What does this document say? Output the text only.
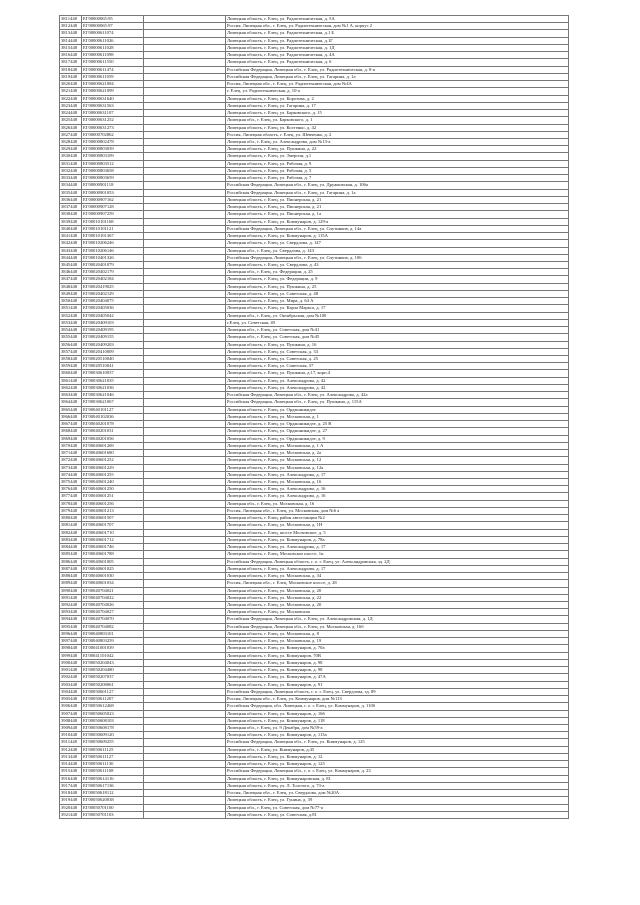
3811448	ЕГ00000065:95	Липецкая область, г. Елец, ул. Радиотехническая, д. 5А
3812448	ЕГ00000065:97	Россия, Липецкая обл., г. Елец, ул. Радиотехническая, дом №1 А, корпус 2
3813448	ЕГ00000611074	Липецкая область, г. Елец, ул. Радиотехническая, д.1 Б
3814448	ЕГ00000611026	Липецкая область, г. Елец, ул. Радиотехническая, д.1Г
3815448	ЕГ00000611028	Липецкая область, г. Елец, ул. Радиотехническая, д. 1Д
3816448	ЕГ00000611098	Липецкая область, г. Елец, ул. Радиотехническая, д. 4А
3817448	ЕГ00000611550	Липецкая область, г. Елец, ул. Радиотехническая, д. 6
3818448	ЕГ00000611474	Российская Федерация, Липецкая обл., г. Елец, ул. Радиотехническая, д. 8-а
3819448	ЕГ00000611059	Российская Федерация, Липецкая обл., г. Елец, ул. Гагарина, д. 1а
3820448	ЕГ00000621084	Россия, Липецкая обл., г. Елец, ул. Радиотехническая, дом №4А
3821448	ЕГ00000621099	г. Елец, ул. Радиотехническая, д. 10-а
3822448	ЕГ00000631640	Липецкая область, г. Елец, ул. Коротова, д. 2
3823448	ЕГ00000631563	Липецкая область, г. Елец, ул. Гагарина, д. 17
3824448	ЕГ00000631107	Липецкая область, г. Елец, ул. Барковского, д. 15
3825448	ЕГ00000631252	Липецкая обл., г. Елец, ул. Барковского, д. 1
3826448	ЕГ00000631273	Липецкая область, г. Елец, ул. Костенко, д. 42
3827448	ЕГ00000702862	Россия, Липецкая область, г. Елец, ул. Шевченко, д. 2
3828448	ЕГ00000802478	Липецкая обл., г. Елец, ул. Александрова, дом №13-а
3829448	ЕГ00000803039	Липецкая область, г. Елец, ул. Пушкина, д. 22
3830448	ЕГ00000803109	Липецкая область, г. Елец, ул. Энергии, д.1
3831448	ЕГ00000803512	Липецкая область, г. Елец, ул. Рабочая, д. 9
3832448	ЕГ00000803658	Липецкая область, г. Елец, ул. Рабочая, д. 5
3833448	ЕГ00000803659	Липецкая область, г. Елец, ул. Рабочая, д. 7
3834448	ЕГ00000901118	Российская Федерация, Липецкая обл., г. Елец, ул. Дружковская, д. 106а
3835448	ЕГ00000901053	Российская Федерация, Липецкая обл., г. Елец, ул. Гагарина, д. 1а
3836448	ЕГ00000907162	Липецкая область, г. Елец, ул. Пионерская, д. 21
3837448	ЕГ00000907128	Липецкая область, г. Елец, ул. Пионерская, д. 21
3838448	ЕГ00000907259	Липецкая область, г. Елец, ул. Пионерская, д. 1а
3839448	ЕГ00010101168	Липецкая область, г. Елец, ул. Коммунаров, д. 129-а
3840448	ЕГ00010101121	Российская Федерация, Липецкая обл., г. Елец, ул. Спутников, д. 14а
3841448	ЕГ00010101367	Липецкая область, г. Елец, ул. Коммунаров, д. 115А
3842448	ЕГ00010206246	Липецкая область, г. Елец, ул. Свердлова, д. 147
3843448	ЕГ00010206146	Липецкая обл., г. Елец, ул. Свердлова, д. 143
3844448	ЕГ00010401326	Российская Федерация, Липецкая обл., г. Елец, ул. Спутников, д. 106
3845448	ЕГ00020401079	Липецкая область, г. Елец, ул. Свердлова, д. 43
3846448	ЕГ00020402179	Липецкая обл., г. Елец, ул. Федерации, д. 25
3847448	ЕГ00020402184	Липецкая область, г. Елец, ул. Федерации, д. 9
3848448	ЕГ00020419025	Липецкая область, г. Елец, ул. Пушкина, д. 25
3849448	ЕГ00020402129	Липецкая область, г. Елец, ул. Советская, д. 48
3850448	ЕГ00020404075	Липецкая область, г. Елец, ул. Мира, д. 64 А
3851448	ЕГ00020405036	Липецкая область, г. Елец, ул. Карла Маркса, д. 17
3852448	ЕГ00020405042	Липецкая обл., г. Елец, ул. Октябрьская, дом №100
3853448	ЕГ00020409103	г.Елец, ул. Советская, 49
3854448	ЕГ00020409195	Липецкая обл., г. Елец, ул. Советская, дом №41
3855448	ЕГ00020409155	Липецкая обл., г. Елец, ул. Советская, дом №45
3856448	ЕГ00020409203	Липецкая область, г. Елец, ул. Пушкина, д. 16
3857448	ЕГ00020410009	Липецкая область, г. Елец, ул. Советская, д. 33
3858448	ЕГ00020510040	Липецкая область, г. Елец, ул. Советская, д. 25
3859448	ЕГ00020510041	Липецкая область, г. Елец, ул. Советская, 37
3860448	ЕГ00030610037	Липецкая область, г. Елец, ул. Пушкина, д.17, корп.4
3861448	ЕГ00030621035	Липецкая область, г. Елец, ул. Александрова, д. 42
3862448	ЕГ00030621036	Липецкая область, г. Елец, ул. Александрова, д. 42
3863448	ЕГ00030621046	Российская Федерация, Липецкая обл., г. Елец, ул. Александрова, д. 42а
3864448	ЕГ00030621067	Российская Федерация, Липецкая обл., г. Елец, ул. Пушкина, д. 115А
3865448	ЕГ00040101127	Липецкая область, г. Елец, ул. Орджоникидзе
3866448	ЕГ00040102036	Липецкая область, г. Елец, ул. Московская, д. 1
3867448	ЕГ00040201078	Липецкая область, г. Елец, ул. Орджоникидзе, д. 25 В
3868448	ЕГ00040201031	Липецкая область, г. Елец, ул. Орджоникидзе, д. 27
3869448	ЕГ00040201056	Липецкая область, г. Елец, ул. Орджоникидзе, д. 9
3870448	ЕГ00040601269	Липецкая область, г. Елец, ул. Московская, д. 1 А
3871448	ЕГ00040601680	Липецкая область, г. Елец, ул. Московская, д. 2а
3872448	ЕГ00040601252	Липецкая область, г. Елец, ул. Московская, д. 12
3873448	ЕГ00040601229	Липецкая область, г. Елец, ул. Московская, д. 12а
3874448	ЕГ00040601255	Липецкая область, г. Елец, ул. Александрова, д. 17
3875448	ЕГ00040601240	Липецкая область, г. Елец, ул. Московская, д. 16
3876448	ЕГ00040601250	Липецкая область, г. Елец, ул. Александрова, д. 16
3877448	ЕГ00040601251	Липецкая область, г. Елец, ул. Александрова, д. 16
3878448	ЕГ00040601256	Липецкая обл., г. Елец, ул. Московская, д. 16
3879448	ЕГ00040601213	Россия, Липецкая обл., г. Елец, ул. Московская, дом №6 а
3880448	ЕГ00040601507	Липецкая область, г. Елец, район автостанции №2
3881448	ЕГ00040601707	Липецкая область, г. Елец, ул. Московская, д. 1Н
3882448	ЕГ00040601710	Липецкая область, г. Елец, шоссе Московское, д. 5
3883448	ЕГ00040601712	Липецкая область, г. Елец, ул. Коммунаров, д. 78а
3884448	ЕГ00040601746	Липецкая область, г. Елец, ул. Александрова, д. 17
3885448	ЕГ00040601788	Липецкая область, г. Елец, Московское шоссе, 1н
3886448	ЕГ00040601005	Российская Федерация, Липецкая область, г. о. г. Елец, ул. Александровская, зд. 2Д
3887448	ЕГ00040601025	Липецкая область, г. Елец, ул. Александрова, д. 17
3888448	ЕГ00040601030	Липецкая область, г. Елец, ул. Московская, д. 34
3889448	ЕГ00040601034	Россия, Липецкая обл., г. Елец, Московское шоссе, д. 28
3890448	ЕГ00040704021	Липецкая область, г. Елец, ул. Московская, д. 20
3891448	ЕГ00040704022	Липецкая область, г. Елец, ул. Московская, д. 22
3892448	ЕГ00040704026	Липецкая область, г. Елец, ул. Московская, д. 20
3893448	ЕГ00040704027	Липецкая область, г. Елец, ул. Московская
3894448	ЕГ00040704070	Российская Федерация, Липецкая обл., г. Елец, ул. Александровская, д. 1Д
3895448	ЕГ00040704082	Российская Федерация, Липецкая обл., г. Елец, ул. Московская, д. 16б
3896448	ЕГ00040803101	Липецкая область, г. Елец, ул. Московская, д. 8
3897448	ЕГ00040803259	Липецкая область, г. Елец, ул. Московская, д. 19
3898448	ЕГ00041001039	Липецкая область, г. Елец, ул. Коммунаров, д. 70а
3899448	ЕГ00041101042	Липецкая область, г. Елец, ул. Коммунаров, 70В
3900448	ЕГ00050204043	Липецкая область, г. Елец, ул. Коммунаров, д. 98
3901448	ЕГ00050204480	Липецкая область, г. Елец, ул. Коммунаров, д. 98
3902448	ЕГ00050207037	Липецкая область, г. Елец, ул. Коммунаров, д. 47А
3903448	ЕГ00050208061	Липецкая область, г. Елец, ул. Коммунаров, д. 91
3904448	ЕГ00050601127	Российская Федерация, Липецкая область, г. о. г. Елец, ул. Свердлова, зд. 89
3905448	ЕГ00050611207	Россия, Липецкая обл., г. Елец, ул. Коммунаров, дом №113
3906448	ЕГ00050612468	Российская Федерация, обл. Липецкая, г. о. г. Елец, ул. Коммунаров, д. 110б
3907448	ЕГ00050605023	Липецкая область, г. Елец, ул. Коммунаров, д. 166
3908448	ЕГ00050608103	Липецкая область, г. Елец, ул. Коммунаров, д. 118
3909448	ЕГ00050608178	Липецкая обл., г. Елец, ул. 9 Декабря, дом №59-а
3910448	ЕГ00050609120	Липецкая область, г. Елец, ул. Коммунаров, д. 113а
3911448	ЕГ00050609255	Российская Федерация, Липецкая обл., г. Елец, ул. Коммунаров, д. 125
3912448	ЕГ00050611125	Липецкая обл., г. Елец, ул. Коммунаров, д.45
3913448	ЕГ00050611127	Липецкая область, г. Елец, ул. Коммунаров, д. 12
3914448	ЕГ00050611130	Липецкая область, г. Елец, ул. Коммунаров, д. 125
3915448	ЕГ00050611108	Российская Федерация, Липецкая обл., г. о. г. Елец, ул. Коммунаров, д. 23
3916448	ЕГ00050614116	Липецкая область, г. Елец, ул. Коммунаровская, д. 81
3917448	ЕГ00050617136	Липецкая область, г. Елец, ул. Л. Толстого, д. 73-а
3918448	ЕГ00050618112	Россия, Липецкая обл., г. Елец, ул. Свердлова, дом №20А
3919448	ЕГ00050620038	Липецкая область, г. Елец, ул. Гунина, д. 39
3920448	ЕГ00050701100	Липецкая обл., г. Елец, ул. Советская, дом №77-а
3921448	ЕГ00050701103	Липецкая область, г. Елец, ул. Советская, д.81
